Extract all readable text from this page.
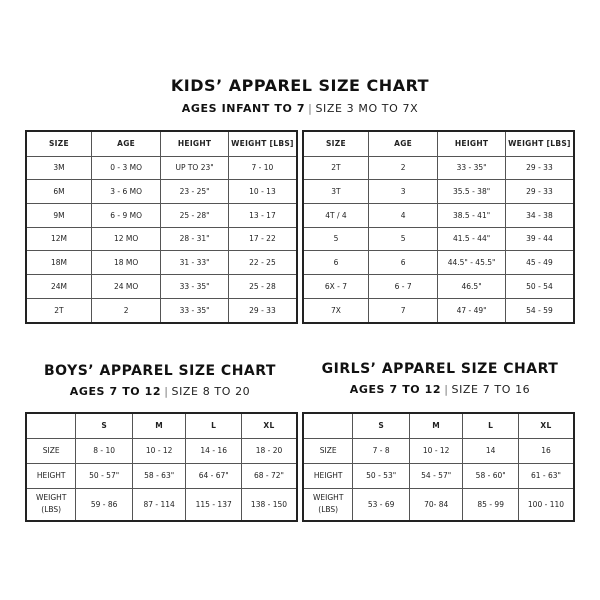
KIDS’ APPAREL SIZE CHART
AGES INFANT TO 7 | SIZE 3 MO TO 7X
SIZE	AGE	HEIGHT	WEIGHT [LBS]
3M	0 - 3 MO	UP TO 23"	7 - 10
6M	3 - 6 MO	23 - 25"	10 - 13
9M	6 - 9 MO	25 - 28"	13 - 17
12M	12 MO	28 - 31"	17 - 22
18M	18 MO	31 - 33"	22 - 25
24M	24 MO	33 - 35"	25 - 28
2T	2	33 - 35"	29 - 33
SIZE	AGE	HEIGHT	WEIGHT [LBS]
2T	2	33 - 35"	29 - 33
3T	3	35.5 - 38"	29 - 33
4T / 4	4	38.5 - 41"	34 - 38
5	5	41.5 - 44"	39 - 44
6	6	44.5" - 45.5"	45 - 49
6X - 7	6 - 7	46.5"	50 - 54
7X	7	47 - 49"	54 - 59
BOYS’ APPAREL SIZE CHART
AGES 7 TO 12 | SIZE 8 TO 20
	S	M	L	XL
SIZE	8 - 10	10 - 12	14 - 16	18 - 20
HEIGHT	50 - 57"	58 - 63"	64 - 67"	68 - 72"
WEIGHT (LBS)	59 - 86	87 - 114	115 - 137	138 - 150
GIRLS’ APPAREL SIZE CHART
AGES 7 TO 12 | SIZE 7 TO 16
	S	M	L	XL
SIZE	7 - 8	10 - 12	14	16
HEIGHT	50 - 53"	54 - 57"	58 - 60"	61 - 63"
WEIGHT (LBS)	53 - 69	70- 84	85 - 99	100 - 110
